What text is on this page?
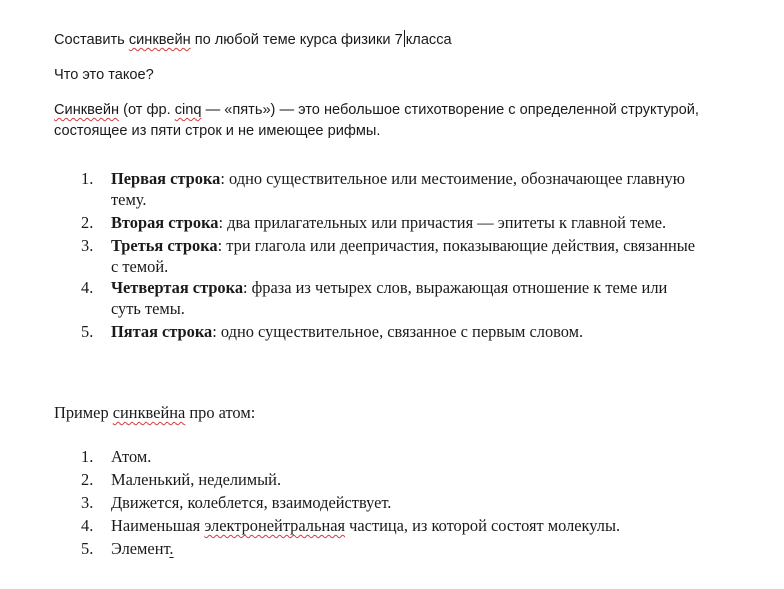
Составить синквейн по любой теме курса физики 7 класса
Что это такое?
Синквейн (от фр. cinq — «пять») — это небольшое стихотворение с определенной структурой,
состоящее из пяти строк и не имеющее рифмы.
1. Первая строка: одно существительное или местоимение, обозначающее главную
тему.
2. Вторая строка: два прилагательных или причастия — эпитеты к главной теме.
3. Третья строка: три глагола или деепричастия, показывающие действия, связанные
с темой.
4. Четвертая строка: фраза из четырех слов, выражающая отношение к теме или
суть темы.
5. Пятая строка: одно существительное, связанное с первым словом.
Пример синквейна про атом:
1. Атом.
2. Маленький, неделимый.
3. Движется, колеблется, взаимодействует.
4. Наименьшая электронейтральная частица, из которой состоят молекулы.
5. Элемент.
